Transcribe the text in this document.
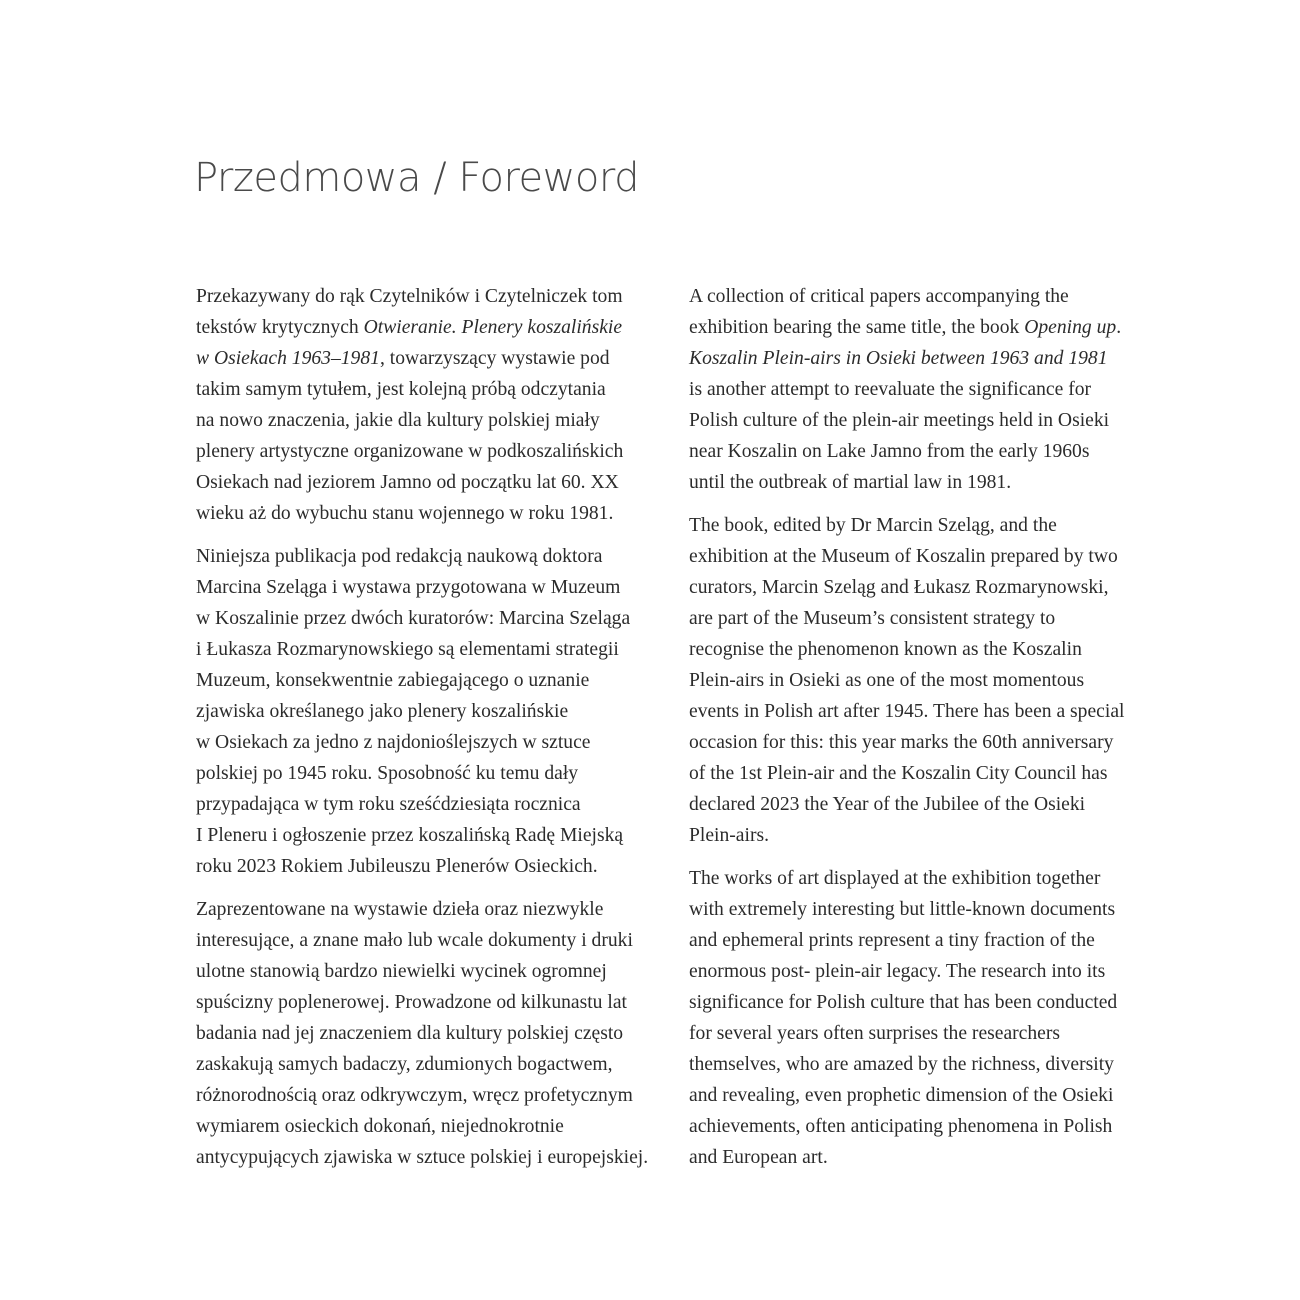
Przedmowa / Foreword

Przekazywany do rąk Czytelników i Czytelniczek tom
tekstów krytycznych Otwieranie. Plenery koszalińskie
w Osiekach 1963–1981, towarzyszący wystawie pod
takim samym tytułem, jest kolejną próbą odczytania
na nowo znaczenia, jakie dla kultury polskiej miały
plenery artystyczne organizowane w podkoszalińskich
Osiekach nad jeziorem Jamno od początku lat 60. XX
wieku aż do wybuchu stanu wojennego w roku 1981.

Niniejsza publikacja pod redakcją naukową doktora
Marcina Szeląga i wystawa przygotowana w Muzeum
w Koszalinie przez dwóch kuratorów: Marcina Szeląga
i Łukasza Rozmarynowskiego są elementami strategii
Muzeum, konsekwentnie zabiegającego o uznanie
zjawiska określanego jako plenery koszalińskie
w Osiekach za jedno z najdonioślejszych w sztuce
polskiej po 1945 roku. Sposobność ku temu dały
przypadająca w tym roku sześćdziesiąta rocznica
I Pleneru i ogłoszenie przez koszalińską Radę Miejską
roku 2023 Rokiem Jubileuszu Plenerów Osieckich.

Zaprezentowane na wystawie dzieła oraz niezwykle
interesujące, a znane mało lub wcale dokumenty i druki
ulotne stanowią bardzo niewielki wycinek ogromnej
spuścizny poplenerowej. Prowadzone od kilkunastu lat
badania nad jej znaczeniem dla kultury polskiej często
zaskakują samych badaczy, zdumionych bogactwem,
różnorodnością oraz odkrywczym, wręcz profetycznym
wymiarem osieckich dokonań, niejednokrotnie
antycypujących zjawiska w sztuce polskiej i europejskiej.

A collection of critical papers accompanying the
exhibition bearing the same title, the book Opening up.
Koszalin Plein-airs in Osieki between 1963 and 1981
is another attempt to reevaluate the significance for
Polish culture of the plein-air meetings held in Osieki
near Koszalin on Lake Jamno from the early 1960s
until the outbreak of martial law in 1981.

The book, edited by Dr Marcin Szeląg, and the
exhibition at the Museum of Koszalin prepared by two
curators, Marcin Szeląg and Łukasz Rozmarynowski,
are part of the Museum’s consistent strategy to
recognise the phenomenon known as the Koszalin
Plein-airs in Osieki as one of the most momentous
events in Polish art after 1945. There has been a special
occasion for this: this year marks the 60th anniversary
of the 1st Plein-air and the Koszalin City Council has
declared 2023 the Year of the Jubilee of the Osieki
Plein-airs.

The works of art displayed at the exhibition together
with extremely interesting but little-known documents
and ephemeral prints represent a tiny fraction of the
enormous post- plein-air legacy. The research into its
significance for Polish culture that has been conducted
for several years often surprises the researchers
themselves, who are amazed by the richness, diversity
and revealing, even prophetic dimension of the Osieki
achievements, often anticipating phenomena in Polish
and European art.
